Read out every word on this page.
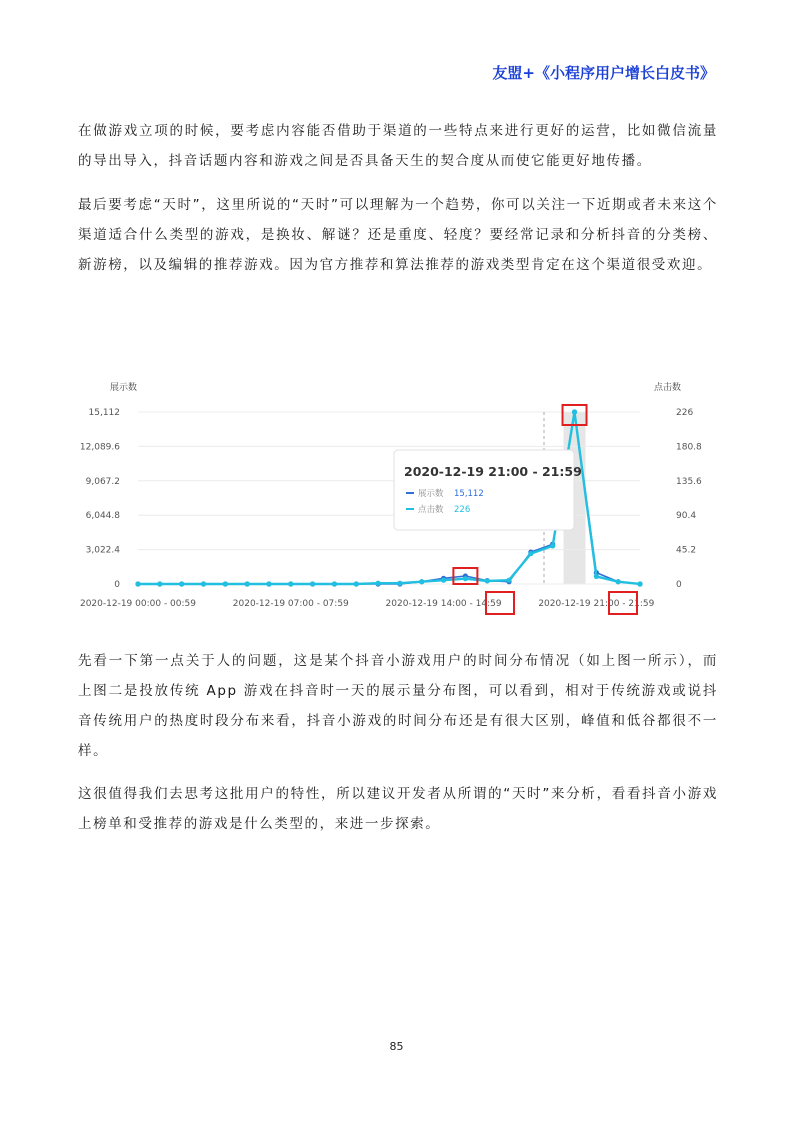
友盟+《小程序用户增长白皮书》

在做游戏立项的时候，要考虑内容能否借助于渠道的一些特点来进行更好的运营，比如微信流量的导出导入，抖音话题内容和游戏之间是否具备天生的契合度从而使它能更好地传播。

最后要考虑“天时”，这里所说的“天时”可以理解为一个趋势，你可以关注一下近期或者未来这个渠道适合什么类型的游戏，是换妆、解谜？还是重度、轻度？要经常记录和分析抖音的分类榜、新游榜，以及编辑的推荐游戏。因为官方推荐和算法推荐的游戏类型肯定在这个渠道很受欢迎。

展示数	点击数
15,112	226
12,089.6	180.8
9,067.2	135.6
6,044.8	90.4
3,022.4	45.2
0	0
2020-12-19 00:00 - 00:59	2020-12-19 07:00 - 07:59	2020-12-19 14:00 - 14:59	2020-12-19 21:00 - 21:59
2020-12-19 21:00 - 21:59
展示数 15,112
点击数 226

先看一下第一点关于人的问题，这是某个抖音小游戏用户的时间分布情况（如上图一所示），而上图二是投放传统 App 游戏在抖音时一天的展示量分布图，可以看到，相对于传统游戏或说抖音传统用户的热度时段分布来看，抖音小游戏的时间分布还是有很大区别，峰值和低谷都很不一样。

这很值得我们去思考这批用户的特性，所以建议开发者从所谓的“天时”来分析，看看抖音小游戏上榜单和受推荐的游戏是什么类型的，来进一步探索。

85
